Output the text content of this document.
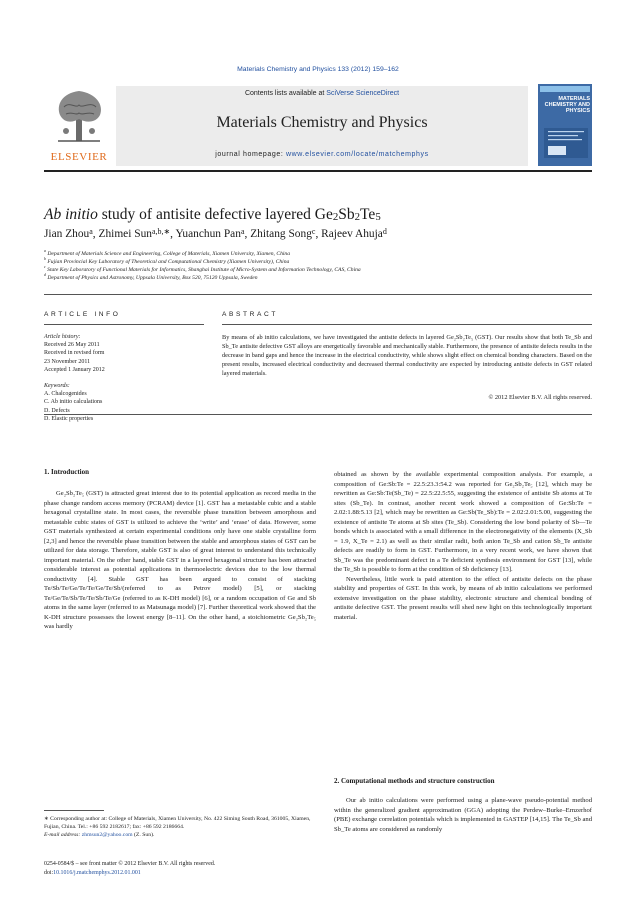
Materials Chemistry and Physics 133 (2012) 159–162
ELSEVIER
Contents lists available at SciVerse ScienceDirect
Materials Chemistry and Physics
journal homepage: www.elsevier.com/locate/matchemphys
MATERIALS CHEMISTRY AND PHYSICS
Ab initio study of antisite defective layered $Ge_2Sb_2Te_5$
Jian Zhou$^a$, Zhimei Sun$^{a,b,∗}$, Yuanchun Pan$^a$, Zhitang Song$^c$, Rajeev Ahuja$^d$
$^a$ Department of Materials Science and Engineering, College of Materials, Xiamen University, Xiamen, China
$^b$ Fujian Provincial Key Laboratory of Theoretical and Computational Chemistry (Xiamen University), China
$^c$ State Key Laboratory of Functional Materials for Informatics, Shanghai Institute of Micro-System and Information Technology, CAS, China
$^d$ Department of Physics and Astronomy, Uppsala University, Box 520, 75120 Uppsala, Sweden
ARTICLE INFO	ABSTRACT
Article history:
Received 26 May 2011
Received in revised form
23 November 2011
Accepted 1 January 2012
Keywords:
A. Chalcogenides
C. Ab initio calculations
D. Defects
D. Elastic properties
By means of ab initio calculations, we have investigated the antisite defects in layered Ge₂Sb₂Te₅ (GST). Our results show that both Te_Sb and Sb_Te antisite defective GST alloys are energetically favorable and mechanically stable. Furthermore, the presence of antisite defects results in the decrease in band gaps and hence the increase in the electrical conductivity, while shows slight effect on chemical bonding characters. Based on the present results, increased electrical conductivity and decreased thermal conductivity are expected by introducing antisite defects in GST related layered materials.
© 2012 Elsevier B.V. All rights reserved.
1. Introduction

Ge₂Sb₂Te₅ (GST) is attracted great interest due to its potential application as record media in the phase change random access memory (PCRAM) device [1]. GST has a metastable cubic and a stable hexagonal crystalline state. In most cases, the reversible phase transition between amorphous and metastable cubic states of GST is utilized to achieve the ‘write’ and ‘erase’ of data. However, some GST materials synthesized at certain experimental conditions only have one stable crystalline form [2,3] and hence the reversible phase transition between the stable and amorphous states of GST can be utilized for data storage. Therefore, stable GST is also of great interest to understand this technically important material. On the other hand, stable GST in a layered hexagonal structure has been attracted considerable interest as potential applications in thermoelectric devices due to the low thermal conductivity [4]. Stable GST has been argued to consist of stacking Te/Sb/Te/Ge/Te/Te/Ge/Te/Sb/(referred to as Petrov model) [5], or stacking Te/Ge/Te/Sb/Te/Te/Sb/Te/Ge (referred to as K-DH model) [6], or a random occupation of Ge and Sb atoms in the same layer (referred to as Matsunaga model) [7]. Further theoretical work showed that the K-DH structure possesses the lowest energy [8–11]. On the other hand, a stoichiometric Ge₂Sb₂Te₅ was hardly

obtained as shown by the available experimental composition analysis. For example, a composition of Ge:Sb:Te = 22.5:23.3:54.2 was reported for Ge₂Sb₂Te₅ [12], which may be rewritten as Ge:Sb:Te(Sb_Te) = 22.5:22.5:55, suggesting the existence of antisite Sb atoms at Te sites (Sb_Te). In contrast, another recent work showed a composition of Ge:Sb:Te = 2.02:1.88:5.13 [2], which may be rewritten as Ge:Sb(Te_Sb):Te = 2.02:2.01:5.00, suggesting the existence of antisite Te atoms at Sb sites (Te_Sb). Considering the low bond polarity of Sb—Te bonds which is associated with a small difference in the electronegativity of the elements (X_Sb = 1.9, X_Te = 2.1) as well as their similar radii, both anion Te_Sb and cation Sb_Te antisite defects are readily to form in GST. Furthermore, in a very recent work, we have shown that Sb_Te was the predominant defect in a Te deficient synthesis environment for GST [13], while the Te_Sb is possible to form at the condition of Sb deficiency [13].

Nevertheless, little work is paid attention to the effect of antisite defects on the phase stability and properties of GST. In this work, by means of ab initio calculations we performed extensive investigation on the phase stability, electronic structure and chemical bonding of antisite defective GST. The present results will shed new light on this technologically important material.

2. Computational methods and structure construction

Our ab initio calculations were performed using a plane-wave pseudo-potential method within the generalized gradient approximation (GGA) adopting the Perdew–Burke–Ernzerhof (PBE) exchange correlation potentials which is implemented in GASTEP [14,15]. The Te_Sb and Sb_Te atoms are considered as randomly

∗ Corresponding author at: College of Materials, Xiamen University, No. 422 Siming South Road, 361005, Xiamen, Fujian, China. Tel.: +86 592 2182617; fax: +86 592 2186664.
E-mail address: zhmsun2@yahoo.com (Z. Sun).
0254-0584/$ – see front matter © 2012 Elsevier B.V. All rights reserved.
doi:10.1016/j.matchemphys.2012.01.001
